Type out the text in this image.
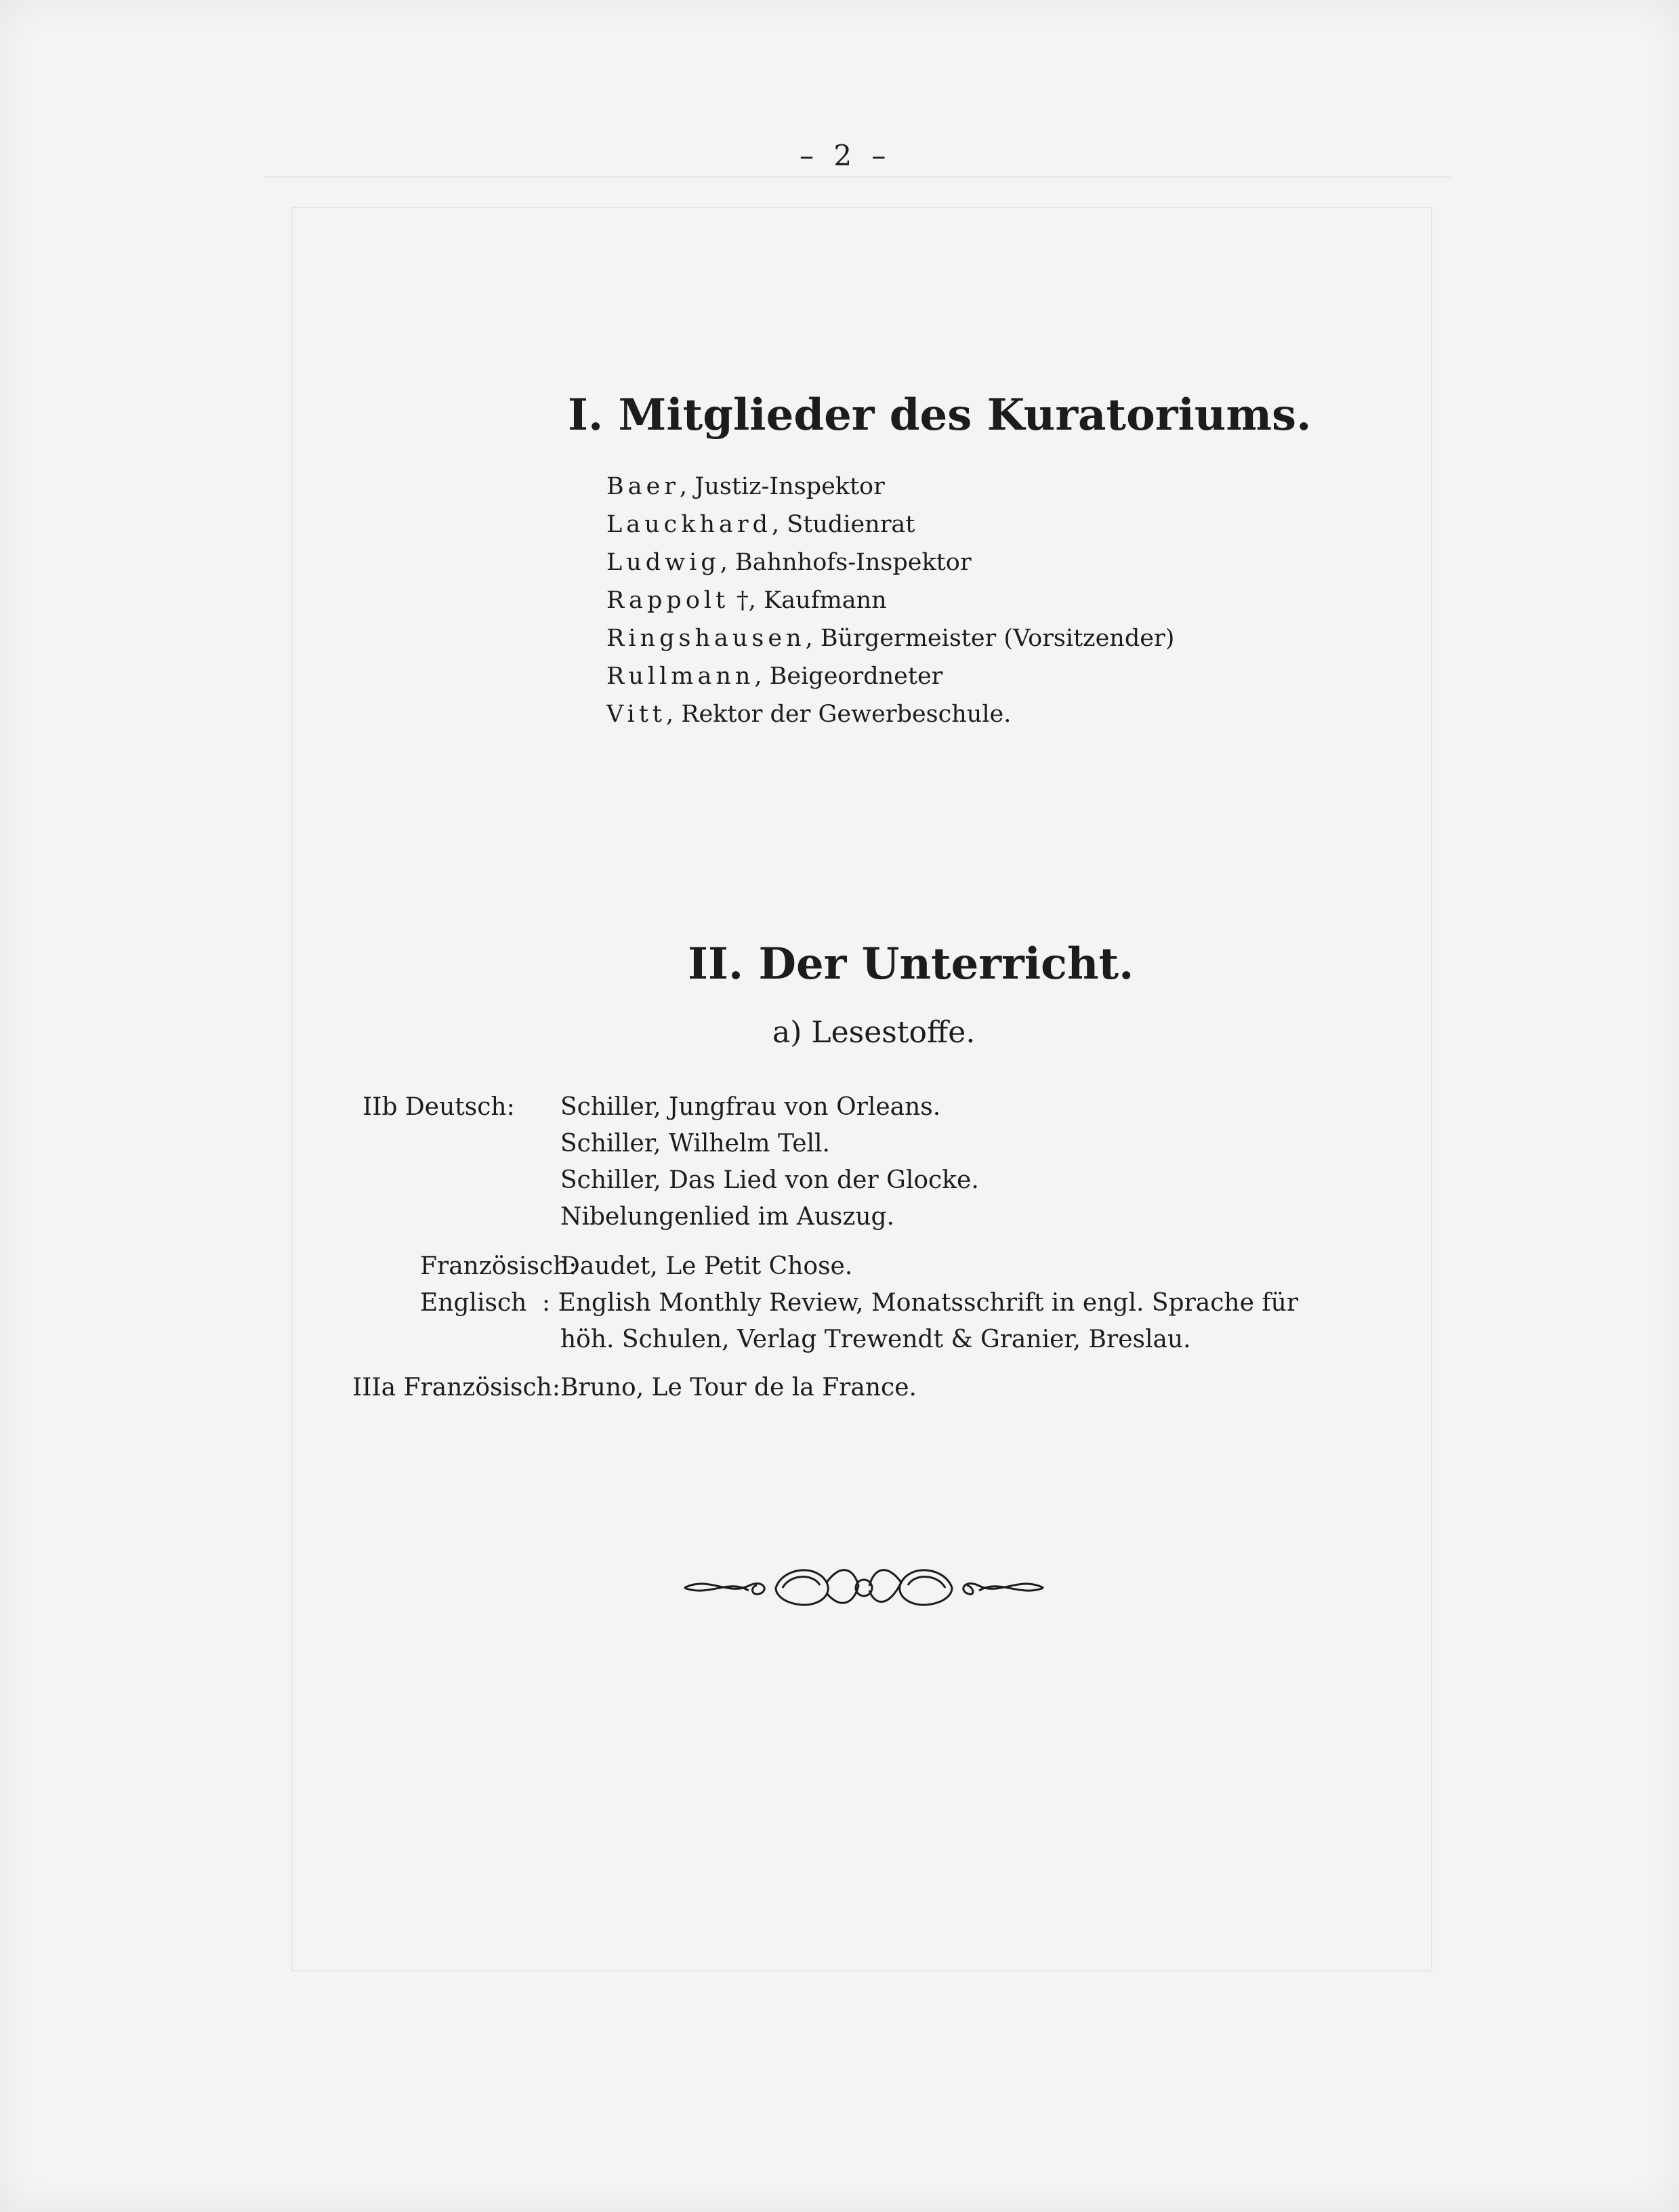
– 2 –
I. Mitglieder des Kuratoriums.
Baer, Justiz-Inspektor
Lauckhard, Studienrat
Ludwig, Bahnhofs-Inspektor
Rappolt †, Kaufmann
Ringshausen, Bürgermeister (Vorsitzender)
Rullmann, Beigeordneter
Vitt, Rektor der Gewerbeschule.
II. Der Unterricht.
a) Lesestoffe.
IIb Deutsch: Schiller, Jungfrau von Orleans.
Schiller, Wilhelm Tell.
Schiller, Das Lied von der Glocke.
Nibelungenlied im Auszug.
Französisch:
Daudet, Le Petit Chose.
Englisch : English Monthly Review, Monatsschrift in engl. Sprache für
höh. Schulen, Verlag Trewendt & Granier, Breslau.
IIIa Französisch: Bruno, Le Tour de la France.
